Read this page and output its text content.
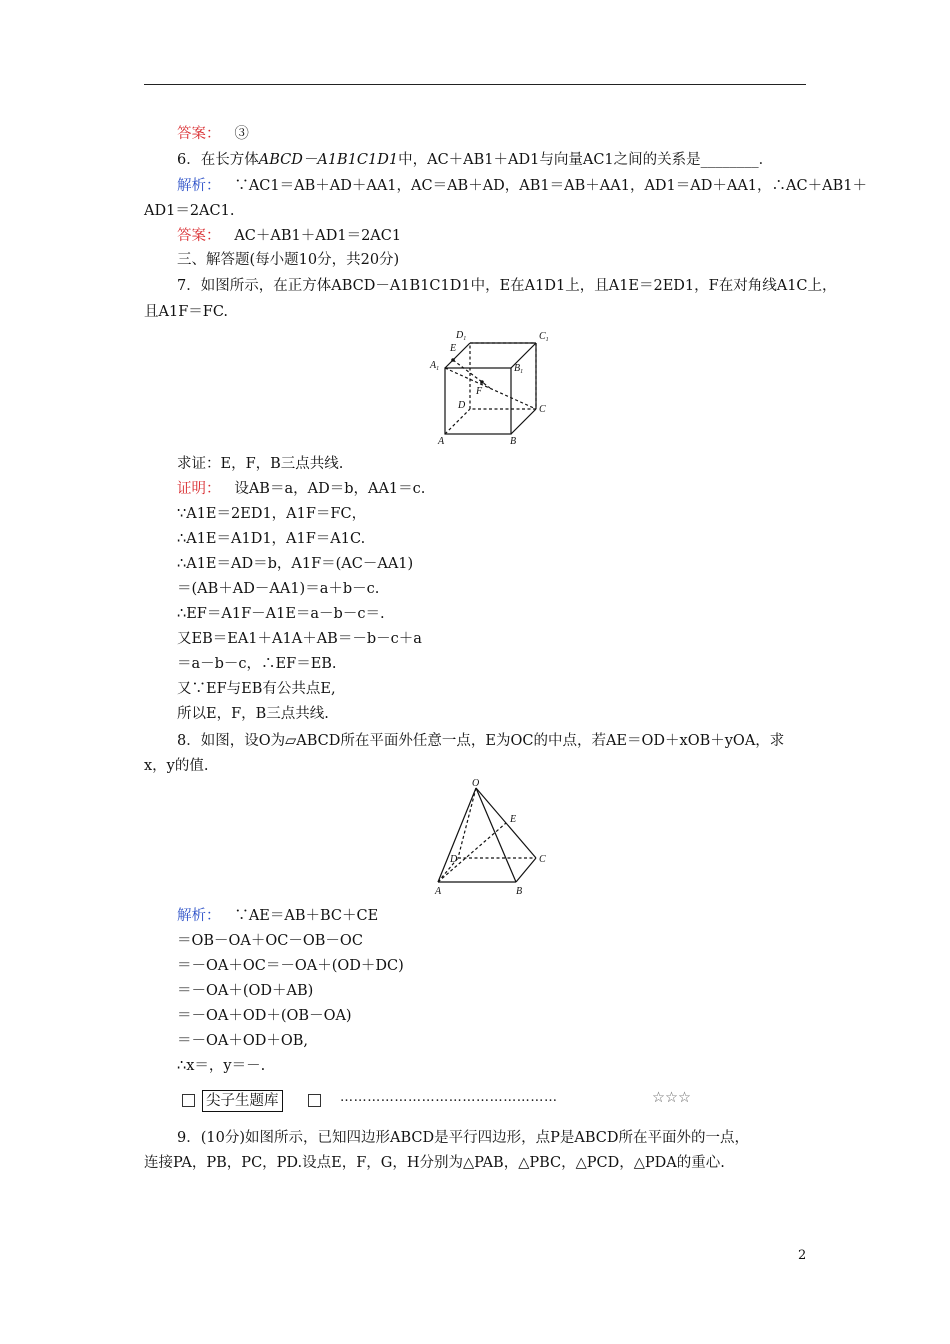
答案： ③
6．在长方体ABCD－A1B1C1D1中，AC＋AB1＋AD1与向量AC1之间的关系是________．
解析： ∵AC1＝AB＋AD＋AA1，AC＝AB＋AD，AB1＝AB＋AA1，AD1＝AD＋AA1，∴AC＋AB1＋
AD1＝2AC1.
答案： AC＋AB1＋AD1＝2AC1
三、解答题(每小题10分，共20分)
7．如图所示，在正方体ABCD－A1B1C1D1中，E在A1D1上，且A1E＝2ED1，F在对角线A1C上，
且A1F＝FC.
$D_1$	$C_1$
E
$A_1$	$B_1$
F
D	C
A	B
求证：E，F，B三点共线.
证明： 设AB＝a，AD＝b，AA1＝c.
∵A1E＝2ED1，A1F＝FC，
∴A1E＝A1D1，A1F＝A1C.
∴A1E＝AD＝b，A1F＝(AC－AA1)
＝(AB＋AD－AA1)＝a＋b－c.
∴EF＝A1F－A1E＝a－b－c＝.
又EB＝EA1＋A1A＋AB＝－b－c＋a
＝a－b－c，∴EF＝EB.
又∵EF与EB有公共点E,
所以E，F，B三点共线.
8．如图，设O为▱ABCD所在平面外任意一点，E为OC的中点，若AE＝OD＋xOB＋yOA，求
x，y的值.
O
E
D	C
A	B
解析： ∵AE＝AB＋BC＋CE
＝OB－OA＋OC－OB－OC
＝－OA＋OC＝－OA＋(OD＋DC)
＝－OA＋(OD＋AB)
＝－OA＋OD＋(OB－OA)
＝－OA＋OD＋OB,
∴x＝，y＝－.
尖子生题库	…………………………………………	☆☆☆
9．(10分)如图所示，已知四边形ABCD是平行四边形，点P是ABCD所在平面外的一点，
连接PA，PB，PC，PD.设点E，F，G，H分别为△PAB，△PBC，△PCD，△PDA的重心.
2
